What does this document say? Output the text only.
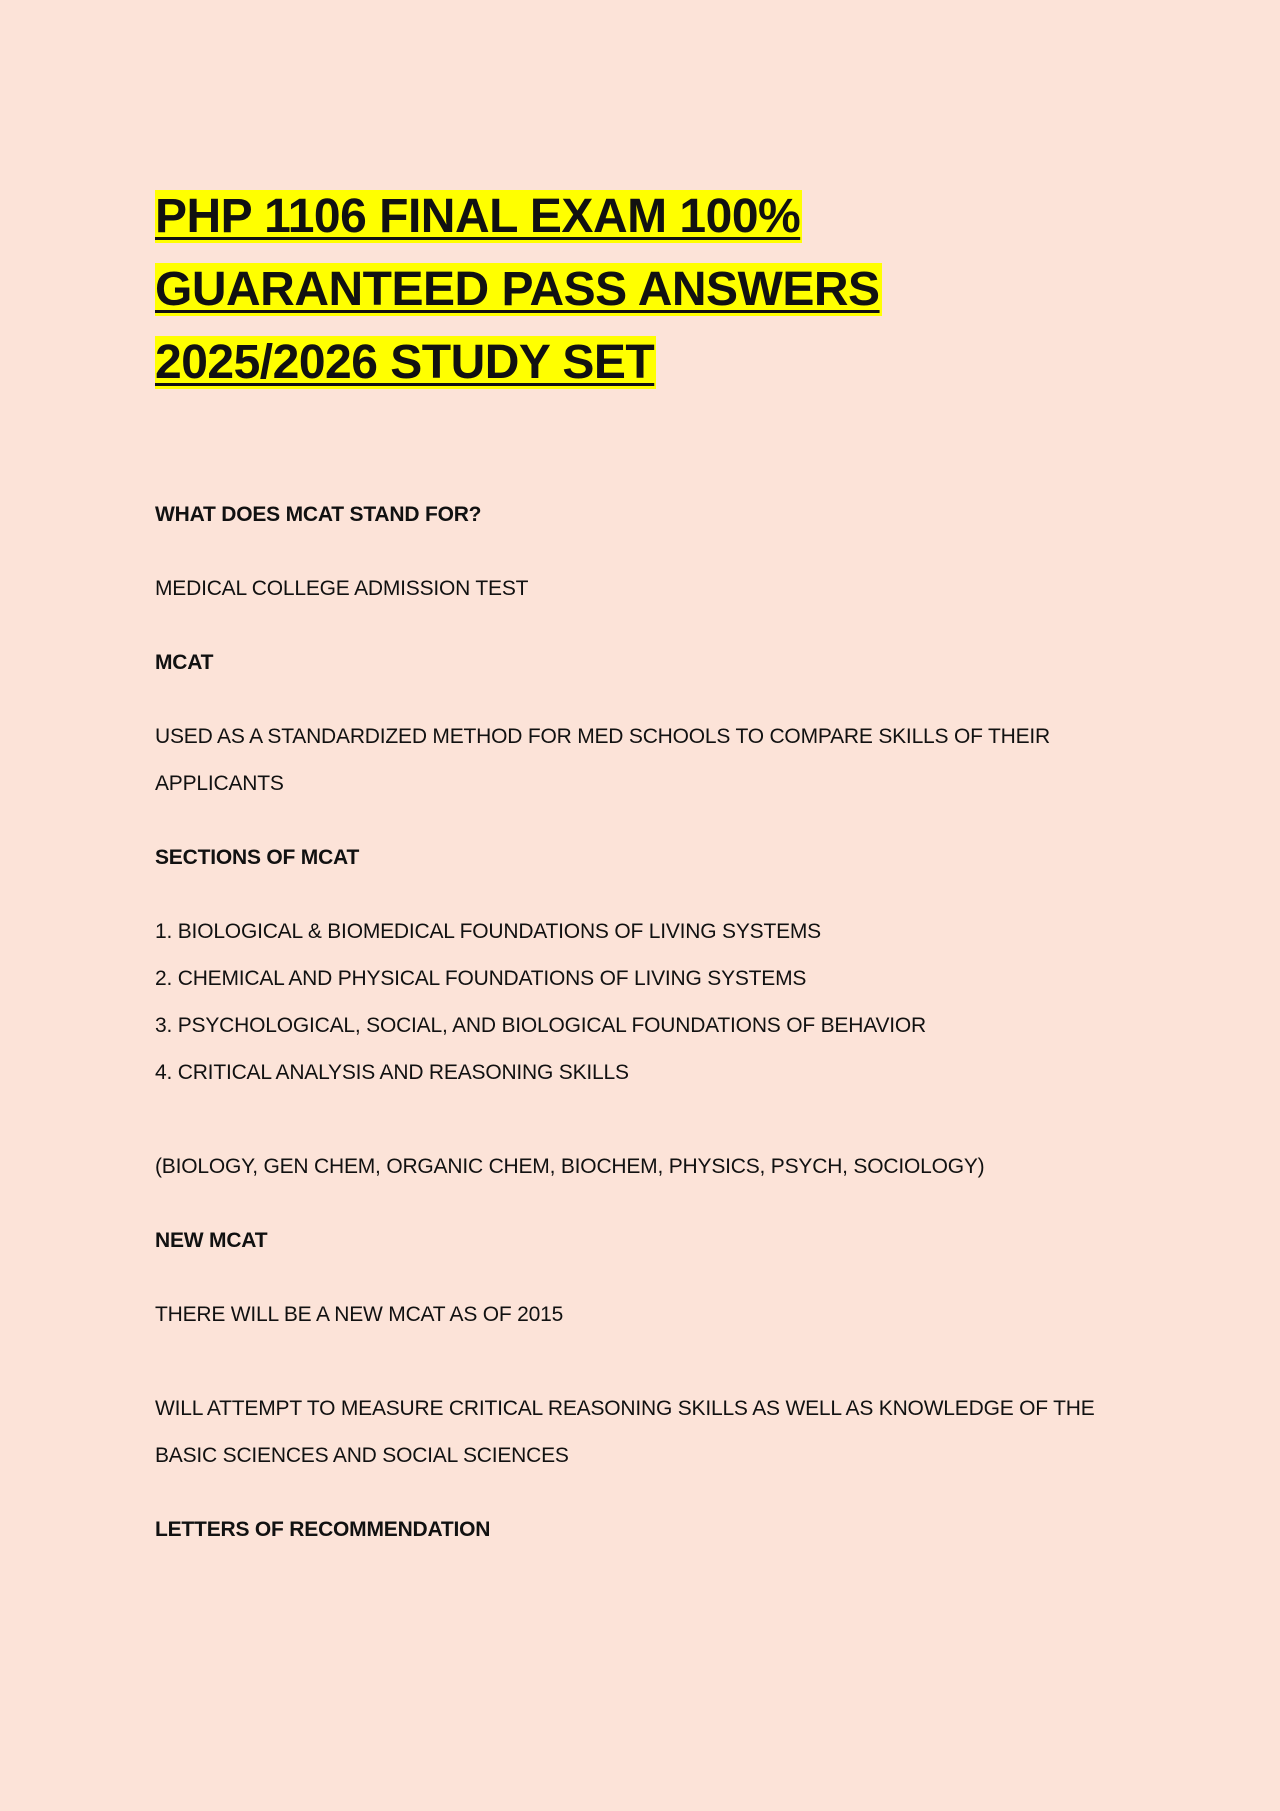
PHP 1106 FINAL EXAM 100%
GUARANTEED PASS ANSWERS
2025/2026 STUDY SET

WHAT DOES MCAT STAND FOR?

MEDICAL COLLEGE ADMISSION TEST

MCAT

USED AS A STANDARDIZED METHOD FOR MED SCHOOLS TO COMPARE SKILLS OF THEIR

APPLICANTS

SECTIONS OF MCAT

1. BIOLOGICAL & BIOMEDICAL FOUNDATIONS OF LIVING SYSTEMS

2. CHEMICAL AND PHYSICAL FOUNDATIONS OF LIVING SYSTEMS

3. PSYCHOLOGICAL, SOCIAL, AND BIOLOGICAL FOUNDATIONS OF BEHAVIOR

4. CRITICAL ANALYSIS AND REASONING SKILLS

(BIOLOGY, GEN CHEM, ORGANIC CHEM, BIOCHEM, PHYSICS, PSYCH, SOCIOLOGY)

NEW MCAT

THERE WILL BE A NEW MCAT AS OF 2015

WILL ATTEMPT TO MEASURE CRITICAL REASONING SKILLS AS WELL AS KNOWLEDGE OF THE

BASIC SCIENCES AND SOCIAL SCIENCES

LETTERS OF RECOMMENDATION
